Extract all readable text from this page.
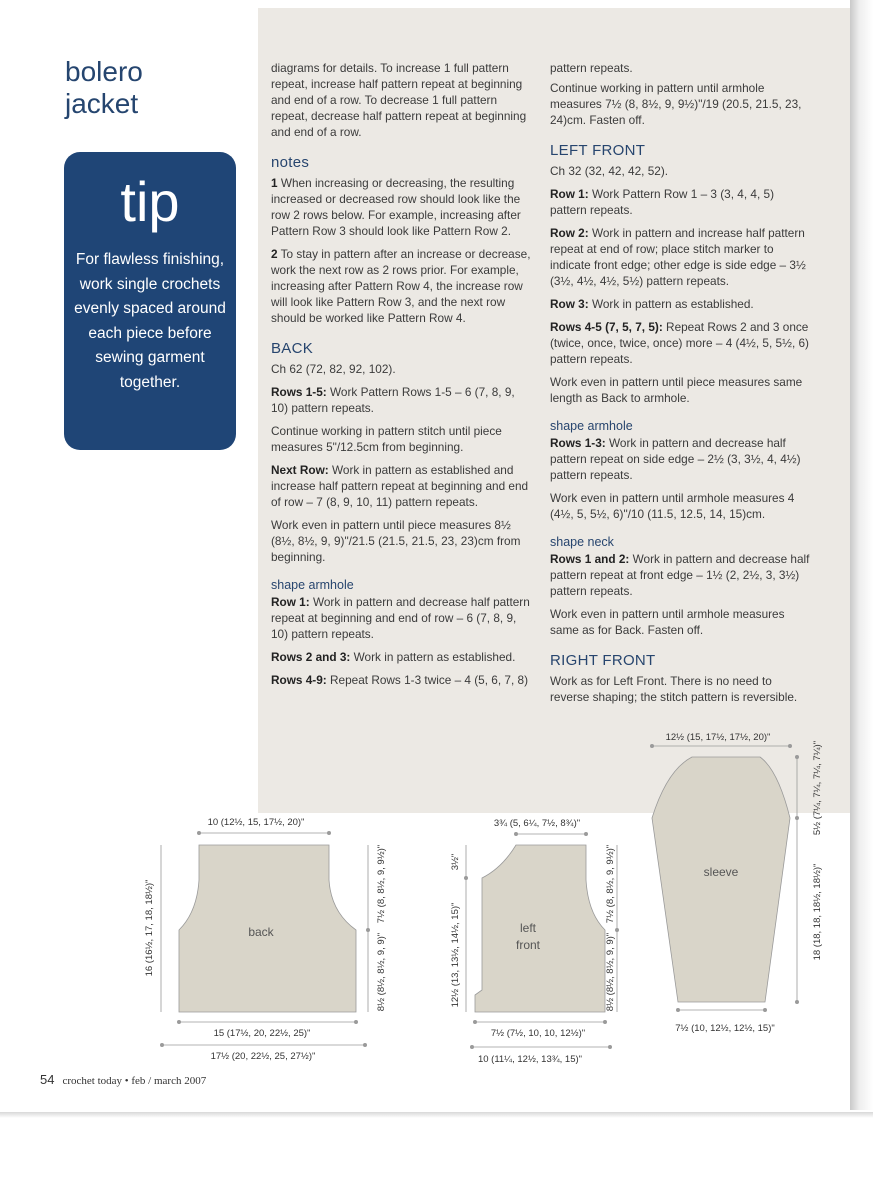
bolero
jacket
tip
For flawless finishing, work single crochets evenly spaced around each piece before sewing garment together.

diagrams for details. To increase 1 full pattern repeat, increase half pattern repeat at beginning and end of a row. To decrease 1 full pattern repeat, decrease half pattern repeat at beginning and end of a row.

notes

1 When increasing or decreasing, the resulting increased or decreased row should look like the row 2 rows below. For example, increasing after Pattern Row 3 should look like Pattern Row 2.

2 To stay in pattern after an increase or decrease, work the next row as 2 rows prior. For example, increasing after Pattern Row 4, the increase row will look like Pattern Row 3, and the next row should be worked like Pattern Row 4.

BACK

Ch 62 (72, 82, 92, 102).

Rows 1-5: Work Pattern Rows 1-5 – 6 (7, 8, 9, 10) pattern repeats.

Continue working in pattern stitch until piece measures 5"/12.5cm from beginning.

Next Row: Work in pattern as established and increase half pattern repeat at beginning and end of row – 7 (8, 9, 10, 11) pattern repeats.

Work even in pattern until piece measures 8½ (8½, 8½, 9, 9)"/21.5 (21.5, 21.5, 23, 23)cm from beginning.

shape armhole

Row 1: Work in pattern and decrease half pattern repeat at beginning and end of row – 6 (7, 8, 9, 10) pattern repeats.

Rows 2 and 3: Work in pattern as established.

Rows 4-9: Repeat Rows 1-3 twice – 4 (5, 6, 7, 8)

pattern repeats.

Continue working in pattern until armhole measures 7½ (8, 8½, 9, 9½)"/19 (20.5, 21.5, 23, 24)cm. Fasten off.

LEFT FRONT

Ch 32 (32, 42, 42, 52).

Row 1: Work Pattern Row 1 – 3 (3, 4, 4, 5) pattern repeats.

Row 2: Work in pattern and increase half pattern repeat at end of row; place stitch marker to indicate front edge; other edge is side edge – 3½ (3½, 4½, 4½, 5½) pattern repeats.

Row 3: Work in pattern as established.

Rows 4-5 (7, 5, 7, 5): Repeat Rows 2 and 3 once (twice, once, twice, once) more – 4 (4½, 5, 5½, 6) pattern repeats.

Work even in pattern until piece measures same length as Back to armhole.

shape armhole

Rows 1-3: Work in pattern and decrease half pattern repeat on side edge – 2½ (3, 3½, 4, 4½) pattern repeats.

Work even in pattern until armhole measures 4 (4½, 5, 5½, 6)"/10 (11.5, 12.5, 14, 15)cm.

shape neck

Rows 1 and 2: Work in pattern and decrease half pattern repeat at front edge – 1½ (2, 2½, 3, 3½) pattern repeats.

Work even in pattern until armhole measures same as for Back. Fasten off.

RIGHT FRONT

Work as for Left Front. There is no need to reverse shaping; the stitch pattern is reversible.

back
10 (12½, 15, 17½, 20)"
15 (17½, 20, 22½, 25)"
17½ (20, 22½, 25, 27½)"
16 (16½, 17, 18, 18½)"	7½ (8, 8½, 9, 9½)"
8½ (8½, 8½, 9, 9)"
left
front
3¾ (5, 6¼, 7½, 8¾)"
7½ (7½, 10, 10, 12½)"
10 (11¼, 12½, 13¾, 15)"
3½"
12½ (13, 13½, 14½, 15)"
7½ (8, 8½, 9, 9½)"
8½ (8½, 8½, 9, 9)"
sleeve
12½ (15, 17½, 17½, 20)"
7½ (10, 12½, 12½, 15)"
5½ (7¼, 7¼, 7¼, 7¼)"
18 (18, 18, 18½, 18½)"
54 crochet today • feb / march 2007
